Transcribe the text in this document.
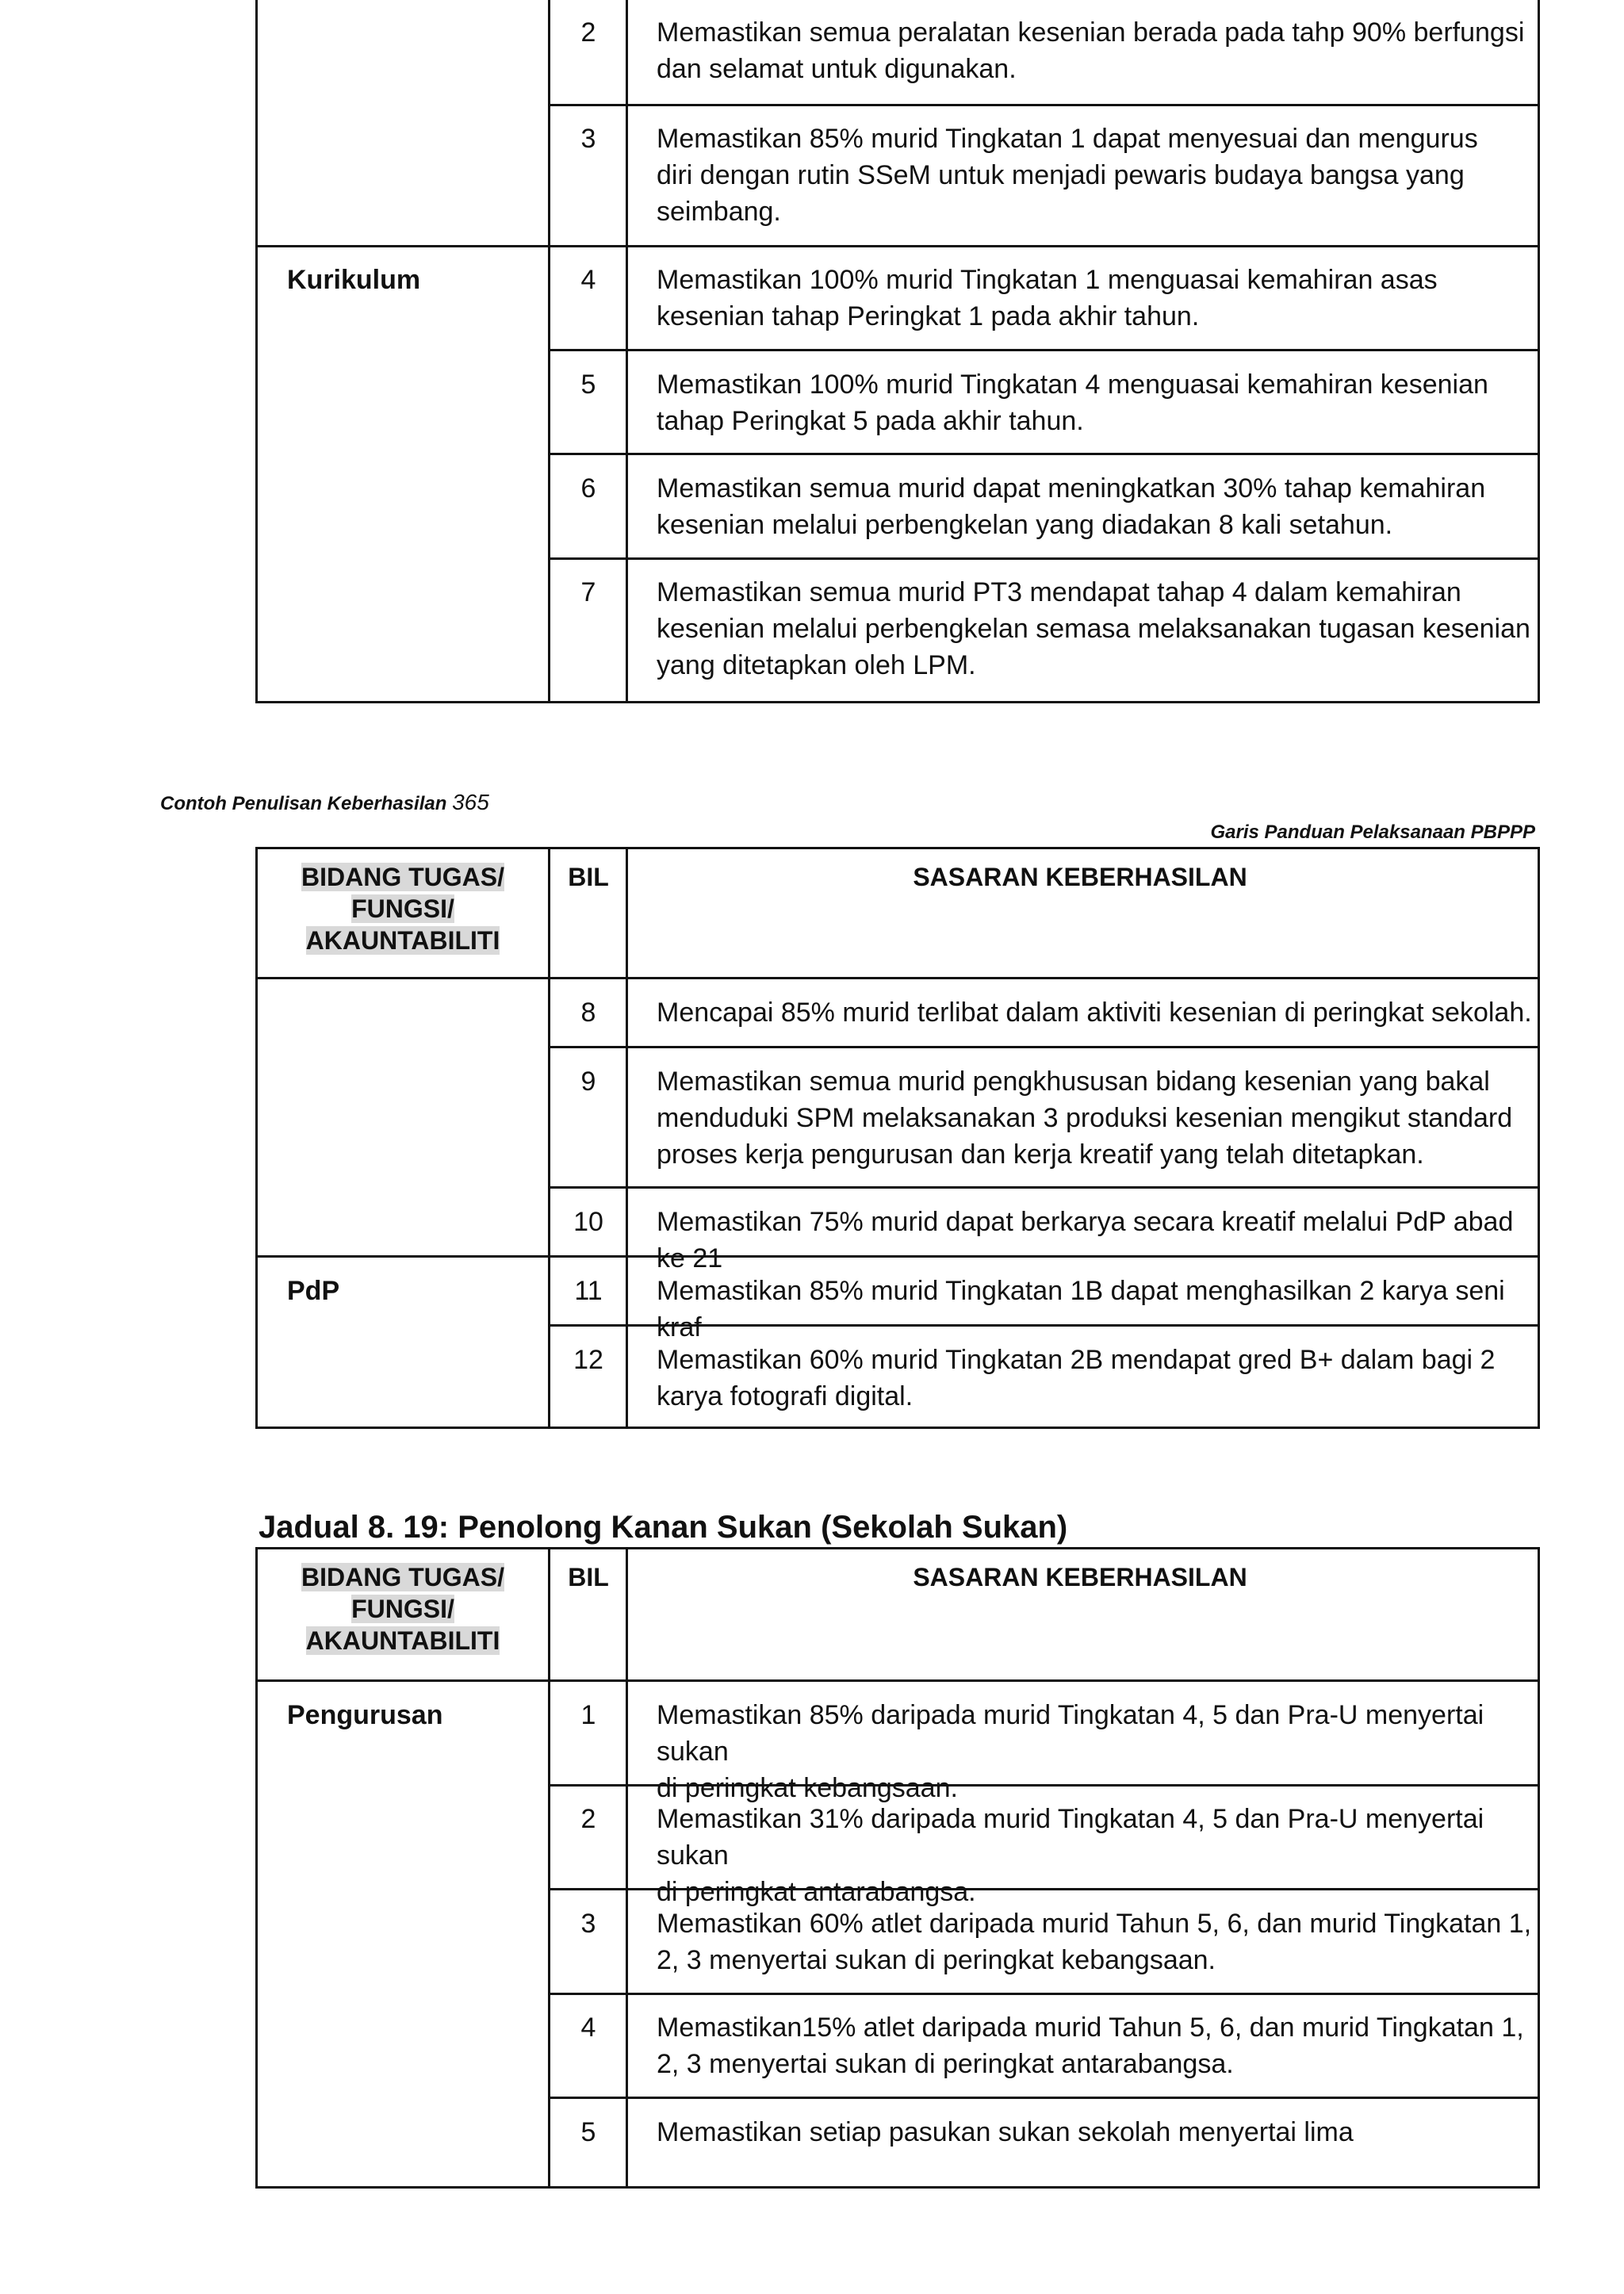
2	Memastikan semua peralatan kesenian berada pada tahp 90% berfungsi
dan selamat untuk digunakan.
3	Memastikan 85% murid Tingkatan 1 dapat menyesuai dan mengurus
diri dengan rutin SSeM untuk menjadi pewaris budaya bangsa yang
seimbang.
Kurikulum	4	Memastikan 100% murid Tingkatan 1 menguasai kemahiran asas
kesenian tahap Peringkat 1 pada akhir tahun.
5	Memastikan 100% murid Tingkatan 4 menguasai kemahiran kesenian
tahap Peringkat 5 pada akhir tahun.
6	Memastikan semua murid dapat meningkatkan 30% tahap kemahiran
kesenian melalui perbengkelan yang diadakan 8 kali setahun.
7	Memastikan semua murid PT3 mendapat tahap 4 dalam kemahiran
kesenian melalui perbengkelan semasa melaksanakan tugasan kesenian
yang ditetapkan oleh LPM.
Contoh Penulisan Keberhasilan 365
Garis Panduan Pelaksanaan PBPPP
BIDANG TUGAS/
FUNGSI/
AKAUNTABILITI
BIL	SASARAN KEBERHASILAN
8	Mencapai 85% murid terlibat dalam aktiviti kesenian di peringkat sekolah.
9	Memastikan semua murid pengkhususan bidang kesenian yang bakal
menduduki SPM melaksanakan 3 produksi kesenian mengikut standard
proses kerja pengurusan dan kerja kreatif yang telah ditetapkan.
10	Memastikan 75% murid dapat berkarya secara kreatif melalui PdP abad ke 21
PdP	11	Memastikan 85% murid Tingkatan 1B dapat menghasilkan 2 karya seni kraf
12	Memastikan 60% murid Tingkatan 2B mendapat gred B+ dalam bagi 2
karya fotografi digital.
Jadual 8. 19: Penolong Kanan Sukan (Sekolah Sukan)
BIDANG TUGAS/
FUNGSI/
AKAUNTABILITI
BIL	SASARAN KEBERHASILAN
Pengurusan	1	Memastikan 85% daripada murid Tingkatan 4, 5 dan Pra-U menyertai sukan
di peringkat kebangsaan.
2	Memastikan 31% daripada murid Tingkatan 4, 5 dan Pra-U menyertai sukan
di peringkat antarabangsa.
3	Memastikan 60% atlet daripada murid Tahun 5, 6, dan murid Tingkatan 1,
2, 3 menyertai sukan di peringkat kebangsaan.
4	Memastikan15% atlet daripada murid Tahun 5, 6, dan murid Tingkatan 1,
2, 3 menyertai sukan di peringkat antarabangsa.
5	Memastikan setiap pasukan sukan sekolah menyertai lima
